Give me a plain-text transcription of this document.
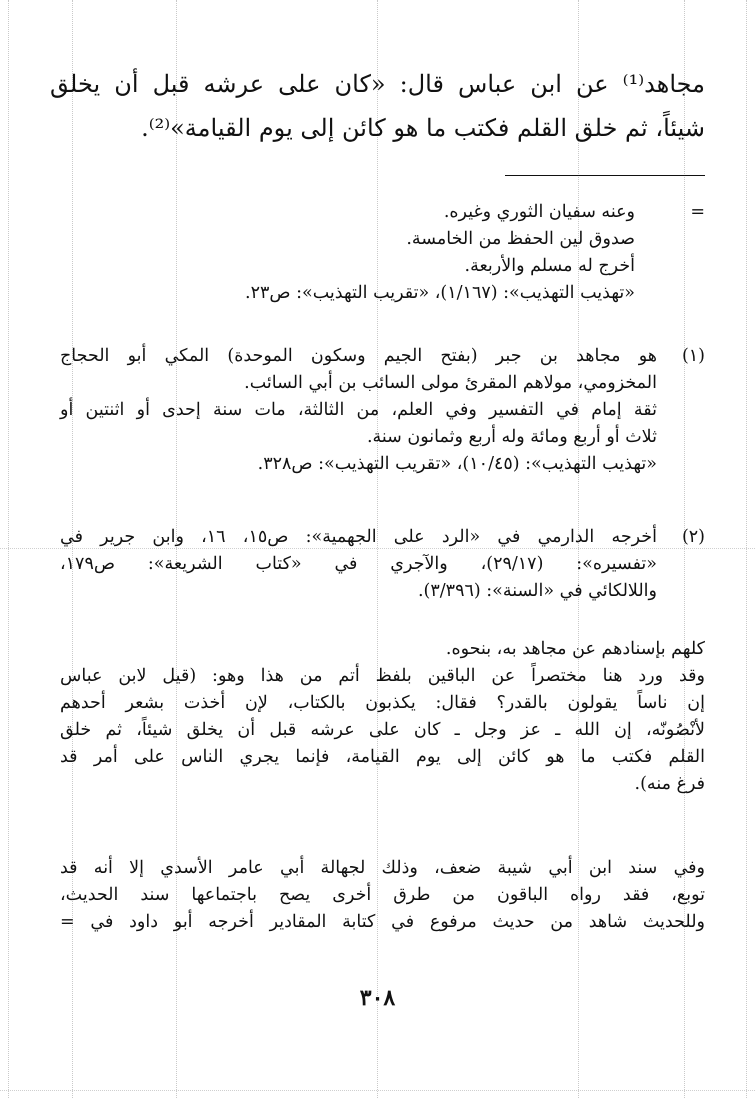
مجاهد⁽¹⁾ عن ابن عباس قال: «كان على عرشه قبل أن يخلق
شيئاً، ثم خلق القلم فكتب ما هو كائن إلى يوم القيامة»⁽²⁾.
=
وعنه سفيان الثوري وغيره.
صدوق لين الحفظ من الخامسة.
أخرج له مسلم والأربعة.
«تهذيب التهذيب»: (١/١٦٧)، «تقريب التهذيب»: ص٢٣.
(١)
هو مجاهد بن جبر (بفتح الجيم وسكون الموحدة) المكي أبو الحجاج
المخزومي، مولاهم المقرئ مولى السائب بن أبي السائب.
ثقة إمام في التفسير وفي العلم، من الثالثة، مات سنة إحدى أو اثنتين أو
ثلاث أو أربع ومائة وله أربع وثمانون سنة.
«تهذيب التهذيب»: (١٠/٤٥)، «تقريب التهذيب»: ص٣٢٨.
(٢)
أخرجه الدارمي في «الرد على الجهمية»: ص١٥، ١٦، وابن جرير في
«تفسيره»: (٢٩/١٧)، والآجري في «كتاب الشريعة»: ص١٧٩،
واللالكائي في «السنة»: (٣/٣٩٦).
كلهم بإسنادهم عن مجاهد به، بنحوه.
وقد ورد هنا مختصراً عن الباقين بلفظ أتم من هذا وهو: (قيل لابن عباس
إن ناساً يقولون بالقدر؟ فقال: يكذبون بالكتاب، لإن أخذت بشعر أحدهم
لأنْصُونّه، إن الله ـ عز وجل ـ كان على عرشه قبل أن يخلق شيئاً، ثم خلق
القلم فكتب ما هو كائن إلى يوم القيامة، فإنما يجري الناس على أمر قد
فرغ منه).
وفي سند ابن أبي شيبة ضعف، وذلك لجهالة أبي عامر الأسدي إلا أنه قد
توبع، فقد رواه الباقون من طرق أخرى يصح باجتماعها سند الحديث،
وللحديث شاهد من حديث مرفوع في كتابة المقادير أخرجه أبو داود في =
٣٠٨
